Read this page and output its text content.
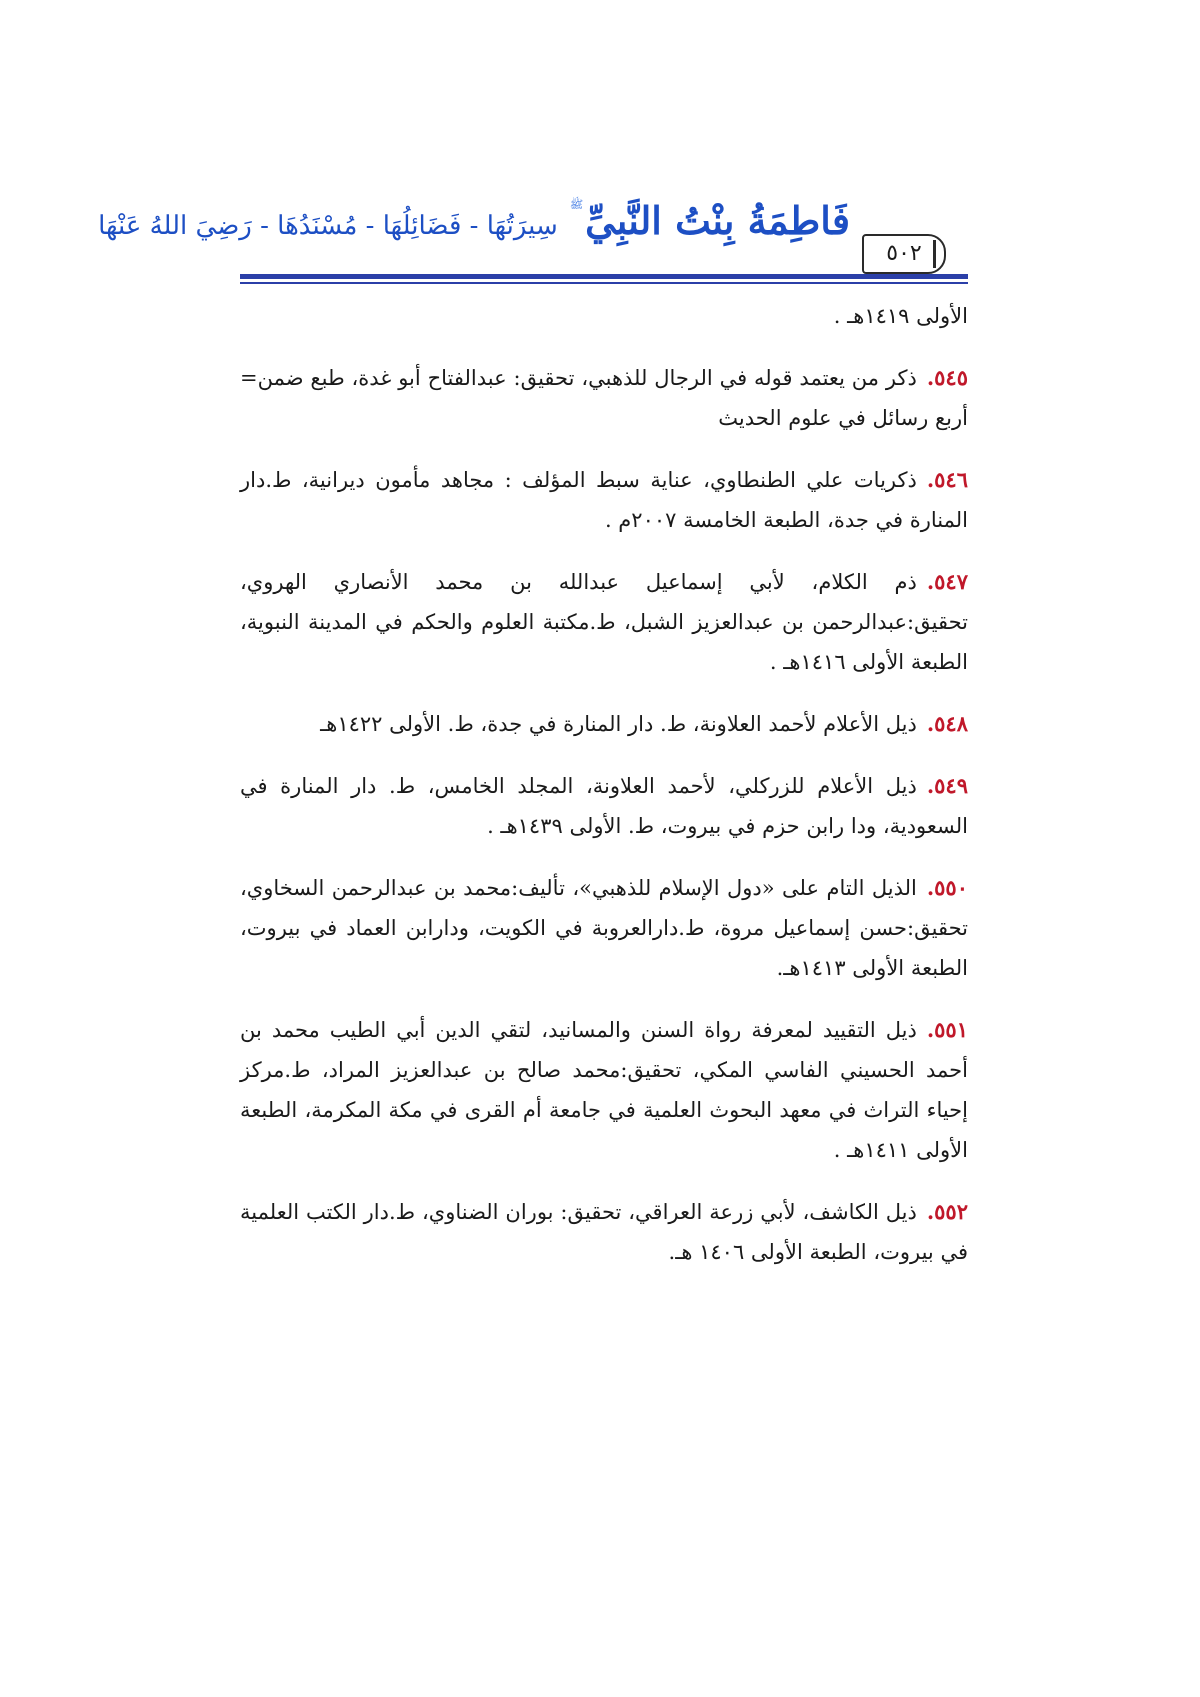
٥٠٢
فَاطِمَةُ بِنْتُ النَّبِيِّ$^ﷺ$سِيرَتُهَا - فَضَائِلُهَا - مُسْنَدُهَا - رَضِيَ اللهُ عَنْهَا

الأولى ١٤١٩هـ .

٥٤٥.ذكر من يعتمد قوله في الرجال للذهبي، تحقيق: عبدالفتاح أبو غدة، طبع ضمن= أربع رسائل في علوم الحديث

٥٤٦.ذكريات علي الطنطاوي، عناية سبط المؤلف : مجاهد مأمون ديرانية، ط.دار المنارة في جدة، الطبعة الخامسة ٢٠٠٧م .

٥٤٧.ذم الكلام، لأبي إسماعيل عبدالله بن محمد الأنصاري الهروي، تحقيق:عبدالرحمن بن عبدالعزيز الشبل، ط.مكتبة العلوم والحكم في المدينة النبوية، الطبعة الأولى ١٤١٦هـ .

٥٤٨.ذيل الأعلام لأحمد العلاونة، ط. دار المنارة في جدة، ط. الأولى ١٤٢٢هـ

٥٤٩.ذيل الأعلام للزركلي، لأحمد العلاونة، المجلد الخامس، ط. دار المنارة في السعودية، ودا رابن حزم في بيروت، ط. الأولى ١٤٣٩هـ .

٥٥٠.الذيل التام على «دول الإسلام للذهبي»، تأليف:محمد بن عبدالرحمن السخاوي، تحقيق:حسن إسماعيل مروة، ط.دارالعروبة في الكويت، ودارابن العماد في بيروت، الطبعة الأولى ١٤١٣هـ.

٥٥١.ذيل التقييد لمعرفة رواة السنن والمسانيد، لتقي الدين أبي الطيب محمد بن أحمد الحسيني الفاسي المكي، تحقيق:محمد صالح بن عبدالعزيز المراد، ط.مركز إحياء التراث في معهد البحوث العلمية في جامعة أم القرى في مكة المكرمة، الطبعة الأولى ١٤١١هـ .

٥٥٢.ذيل الكاشف، لأبي زرعة العراقي، تحقيق: بوران الضناوي، ط.دار الكتب العلمية في بيروت، الطبعة الأولى ١٤٠٦ هـ.
